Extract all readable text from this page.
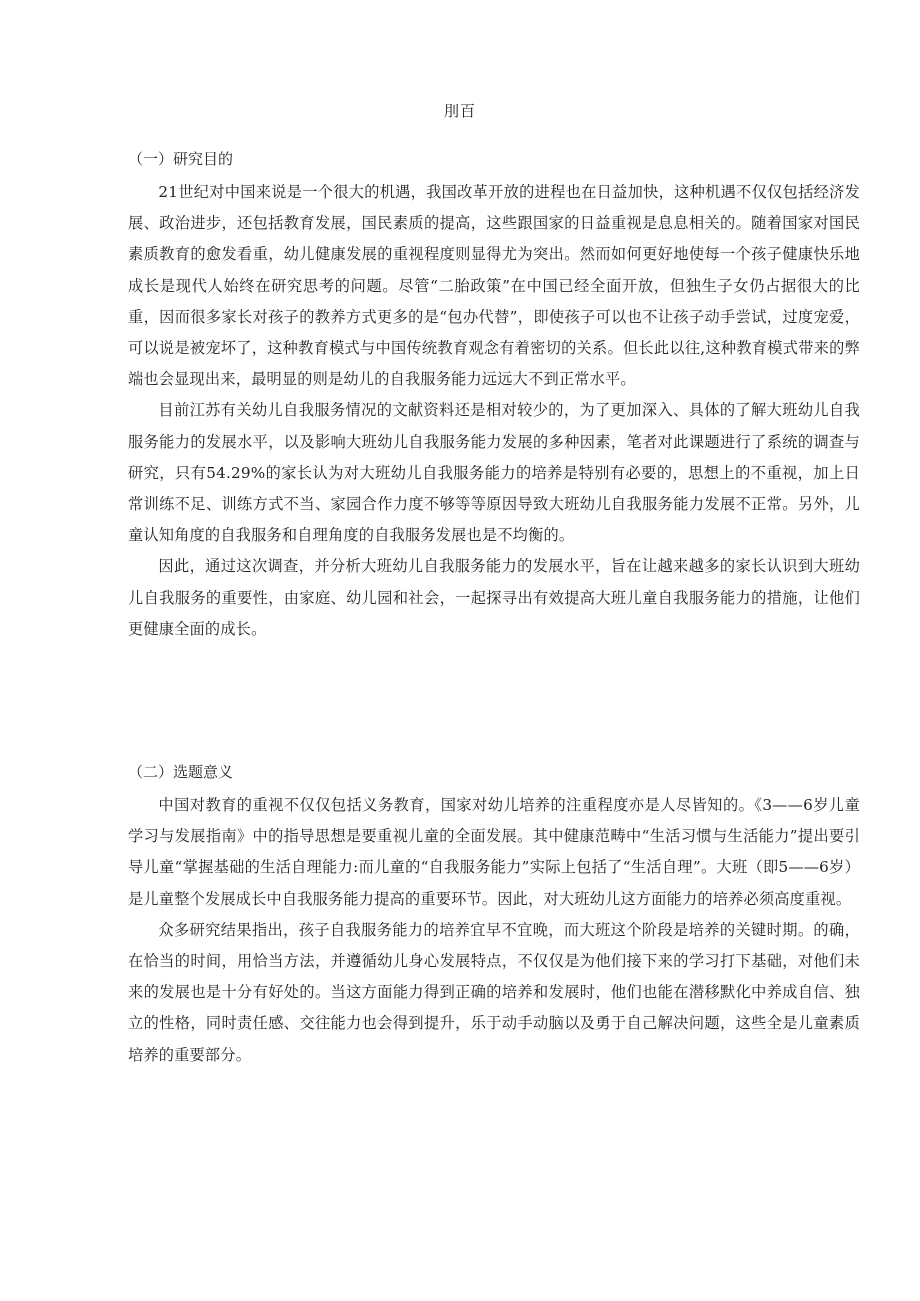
刖百
（一）研究目的

21世纪对中国来说是一个很大的机遇，我国改革开放的进程也在日益加快，这种机遇不仅仅包括经济发展、政治进步，还包括教育发展，国民素质的提高，这些跟国家的日益重视是息息相关的。随着国家对国民素质教育的愈发看重，幼儿健康发展的重视程度则显得尤为突出。然而如何更好地使每一个孩子健康快乐地成长是现代人始终在研究思考的问题。尽管“二胎政策”在中国已经全面开放，但独生子女仍占据很大的比重，因而很多家长对孩子的教养方式更多的是“包办代替”，即使孩子可以也不让孩子动手尝试，过度宠爱，可以说是被宠坏了，这种教育模式与中国传统教育观念有着密切的关系。但长此以往,这种教育模式带来的弊端也会显现出来，最明显的则是幼儿的自我服务能力远远大不到正常水平。

目前江苏有关幼儿自我服务情况的文献资料还是相对较少的，为了更加深入、具体的了解大班幼儿自我服务能力的发展水平，以及影响大班幼儿自我服务能力发展的多种因素，笔者对此课题进行了系统的调查与研究，只有54.29%的家长认为对大班幼儿自我服务能力的培养是特别有必要的，思想上的不重视，加上日常训练不足、训练方式不当、家园合作力度不够等等原因导致大班幼儿自我服务能力发展不正常。另外，儿童认知角度的自我服务和自理角度的自我服务发展也是不均衡的。

因此，通过这次调查，并分析大班幼儿自我服务能力的发展水平，旨在让越来越多的家长认识到大班幼儿自我服务的重要性，由家庭、幼儿园和社会，一起探寻出有效提高大班儿童自我服务能力的措施，让他们更健康全面的成长。

（二）选题意义

中国对教育的重视不仅仅包括义务教育，国家对幼儿培养的注重程度亦是人尽皆知的。《3——6岁儿童学习与发展指南》中的指导思想是要重视儿童的全面发展。其中健康范畴中“生活习惯与生活能力”提出要引导儿童“掌握基础的生活自理能力:而儿童的“自我服务能力”实际上包括了“生活自理”。大班（即5——6岁）是儿童整个发展成长中自我服务能力提高的重要环节。因此，对大班幼儿这方面能力的培养必须高度重视。

众多研究结果指出，孩子自我服务能力的培养宜早不宜晚，而大班这个阶段是培养的关键时期。的确，在恰当的时间，用恰当方法，并遵循幼儿身心发展特点，不仅仅是为他们接下来的学习打下基础，对他们未来的发展也是十分有好处的。当这方面能力得到正确的培养和发展时，他们也能在潜移默化中养成自信、独立的性格，同时责任感、交往能力也会得到提升，乐于动手动脑以及勇于自己解决问题，这些全是儿童素质培养的重要部分。
